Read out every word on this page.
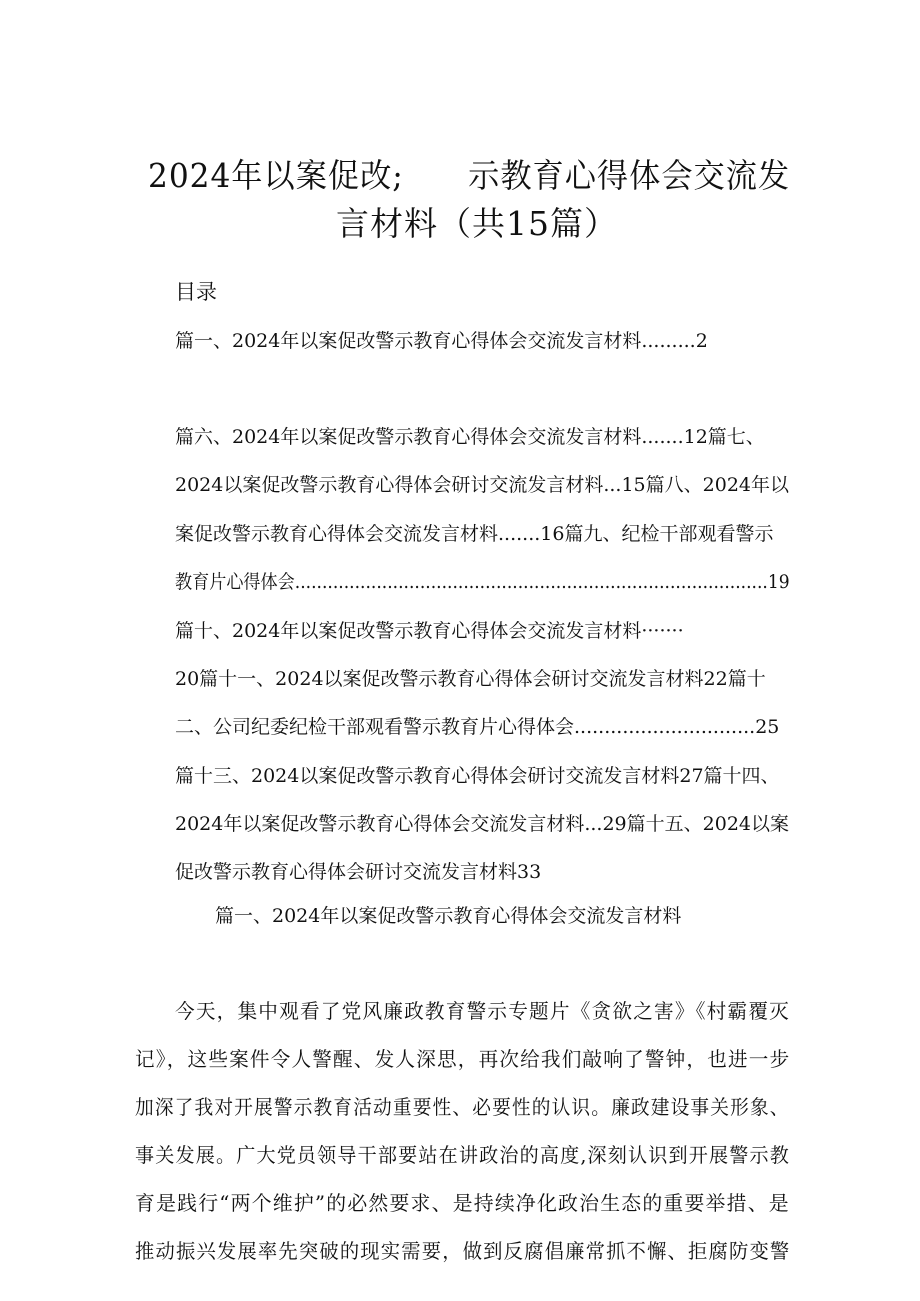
2024年以案促改;　　示教育心得体会交流发
言材料（共15篇）
目录
篇一、2024年以案促改警示教育心得体会交流发言材料.........2
篇六、2024年以案促改警示教育心得体会交流发言材料.......12篇七、
2024以案促改警示教育心得体会研讨交流发言材料...15篇八、2024年以
案促改警示教育心得体会交流发言材料.......16篇九、纪检干部观看警示
教育片心得体会.......................................................................................19
篇十、2024年以案促改警示教育心得体会交流发言材料·······
20篇十一、2024以案促改警示教育心得体会研讨交流发言材料22篇十
二、公司纪委纪检干部观看警示教育片心得体会..............................25
篇十三、2024以案促改警示教育心得体会研讨交流发言材料27篇十四、
2024年以案促改警示教育心得体会交流发言材料...29篇十五、2024以案
促改警示教育心得体会研讨交流发言材料33
篇一、2024年以案促改警示教育心得体会交流发言材料
今天，集中观看了党风廉政教育警示专题片《贪欲之害》《村霸覆灭
记》，这些案件令人警醒、发人深思，再次给我们敲响了警钟，也进一步
加深了我对开展警示教育活动重要性、必要性的认识。廉政建设事关形象、
事关发展。广大党员领导干部要站在讲政治的高度,深刻认识到开展警示教
育是践行“两个维护”的必然要求、是持续净化政治生态的重要举措、是
推动振兴发展率先突破的现实需要，做到反腐倡廉常抓不懈、拒腐防变警
